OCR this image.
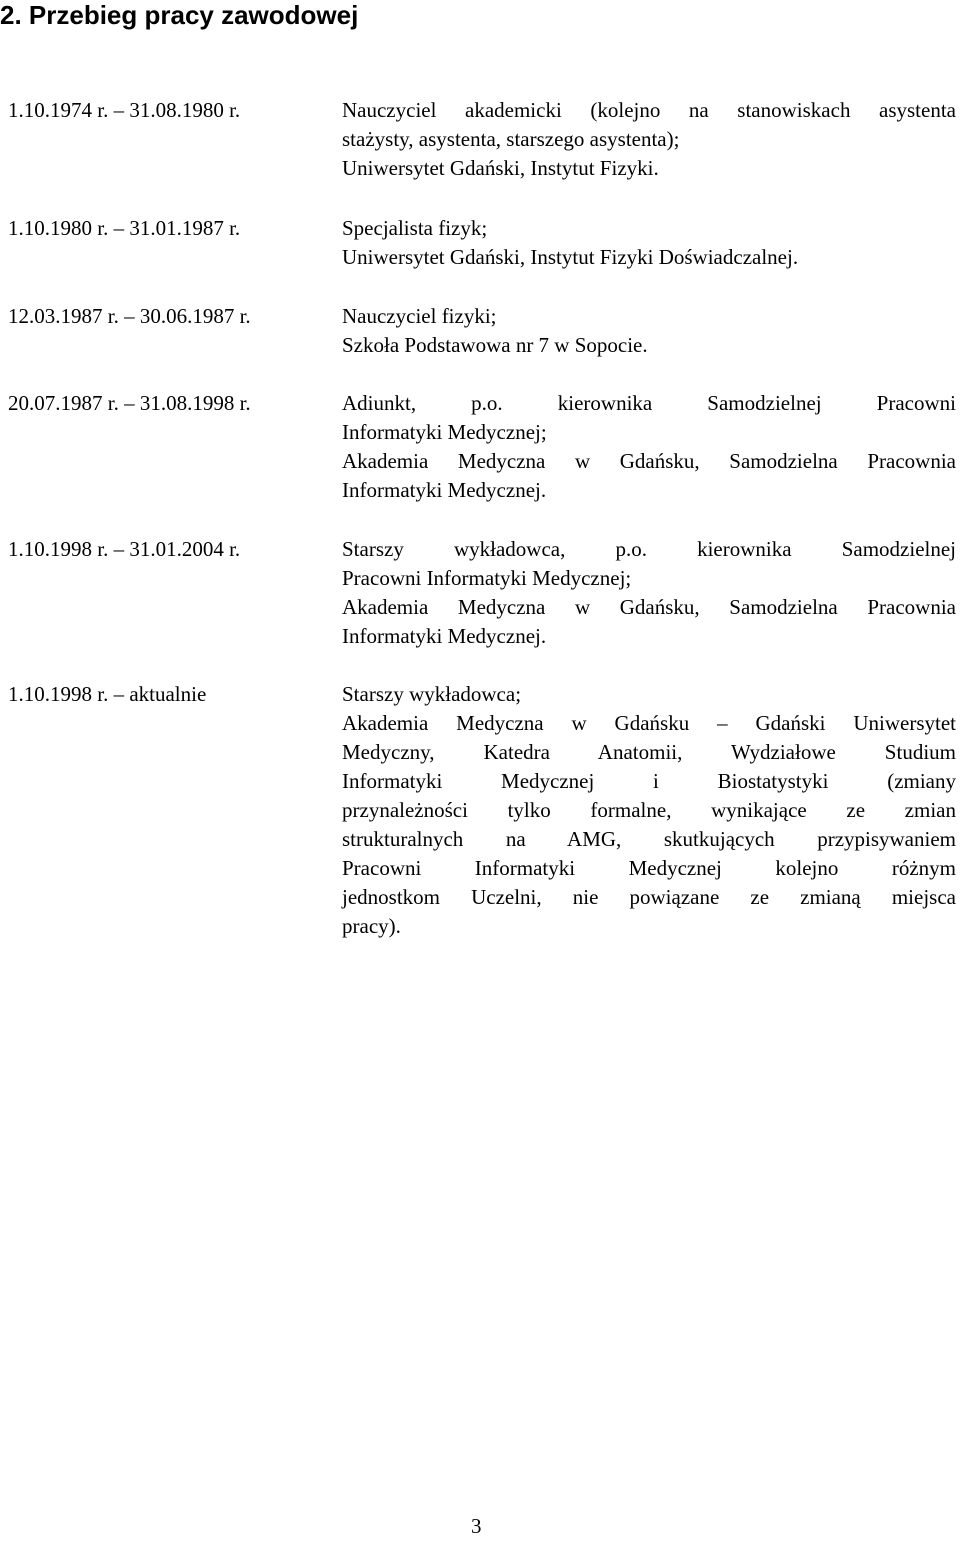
2. Przebieg pracy zawodowej
1.10.1974 r. – 31.08.1980 r.	Nauczyciel akademicki (kolejno na stanowiskach asystenta
stażysty, asystenta, starszego asystenta);
Uniwersytet Gdański, Instytut Fizyki.
1.10.1980 r. – 31.01.1987 r.	Specjalista fizyk;
Uniwersytet Gdański, Instytut Fizyki Doświadczalnej.
12.03.1987 r. – 30.06.1987 r.	Nauczyciel fizyki;
Szkoła Podstawowa nr 7 w Sopocie.
20.07.1987 r. – 31.08.1998 r.	Adiunkt, p.o. kierownika Samodzielnej Pracowni
Informatyki Medycznej;
Akademia Medyczna w Gdańsku, Samodzielna Pracownia
Informatyki Medycznej.
1.10.1998 r. – 31.01.2004 r.	Starszy wykładowca, p.o. kierownika Samodzielnej
Pracowni Informatyki Medycznej;
Akademia Medyczna w Gdańsku, Samodzielna Pracownia
Informatyki Medycznej.
1.10.1998 r. – aktualnie	Starszy wykładowca;
Akademia Medyczna w Gdańsku – Gdański Uniwersytet
Medyczny, Katedra Anatomii, Wydziałowe Studium
Informatyki Medycznej i Biostatystyki (zmiany
przynależności tylko formalne, wynikające ze zmian
strukturalnych na AMG, skutkujących przypisywaniem
Pracowni Informatyki Medycznej kolejno różnym
jednostkom Uczelni, nie powiązane ze zmianą miejsca
pracy).
3
